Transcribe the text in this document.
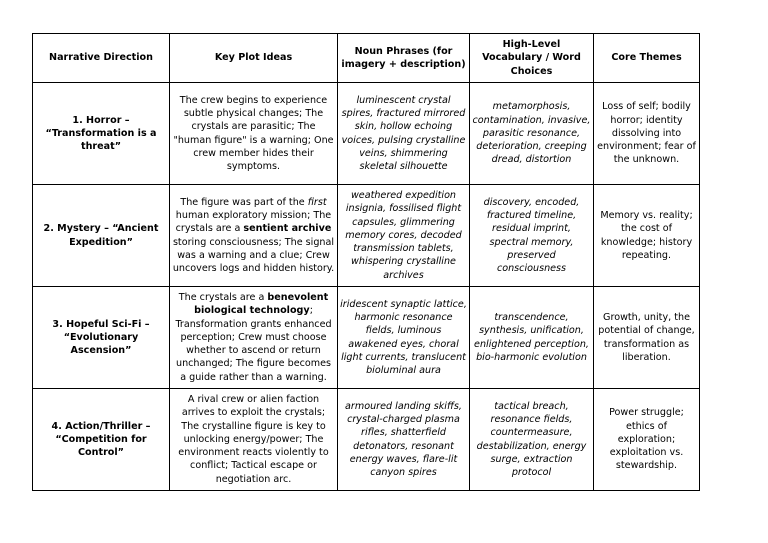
Narrative Direction	Key Plot Ideas	Noun Phrases (for imagery + description)	High-Level Vocabulary / Word Choices	Core Themes
1. Horror – “Transformation is a threat”	The crew begins to experience subtle physical changes; The crystals are parasitic; The "human figure" is a warning; One crew member hides their symptoms.	luminescent crystal spires, fractured mirrored skin, hollow echoing voices, pulsing crystalline veins, shimmering skeletal silhouette	metamorphosis, contamination, invasive, parasitic resonance, deterioration, creeping dread, distortion	Loss of self; bodily horror; identity dissolving into environment; fear of the unknown.
2. Mystery – “Ancient Expedition”	The figure was part of the first human exploratory mission; The crystals are a sentient archive storing consciousness; The signal was a warning and a clue; Crew uncovers logs and hidden history.	weathered expedition insignia, fossilised flight capsules, glimmering memory cores, decoded transmission tablets, whispering crystalline archives	discovery, encoded, fractured timeline, residual imprint, spectral memory, preserved consciousness	Memory vs. reality; the cost of knowledge; history repeating.
3. Hopeful Sci-Fi – “Evolutionary Ascension”	The crystals are a benevolent biological technology; Transformation grants enhanced perception; Crew must choose whether to ascend or return unchanged; The figure becomes a guide rather than a warning.	iridescent synaptic lattice, harmonic resonance fields, luminous awakened eyes, choral light currents, translucent bioluminal aura	transcendence, synthesis, unification, enlightened perception, bio-harmonic evolution	Growth, unity, the potential of change, transformation as liberation.
4. Action/Thriller – “Competition for Control”	A rival crew or alien faction arrives to exploit the crystals; The crystalline figure is key to unlocking energy/power; The environment reacts violently to conflict; Tactical escape or negotiation arc.	armoured landing skiffs, crystal-charged plasma rifles, shatterfield detonators, resonant energy waves, flare-lit canyon spires	tactical breach, resonance fields, countermeasure, destabilization, energy surge, extraction protocol	Power struggle; ethics of exploration; exploitation vs. stewardship.
